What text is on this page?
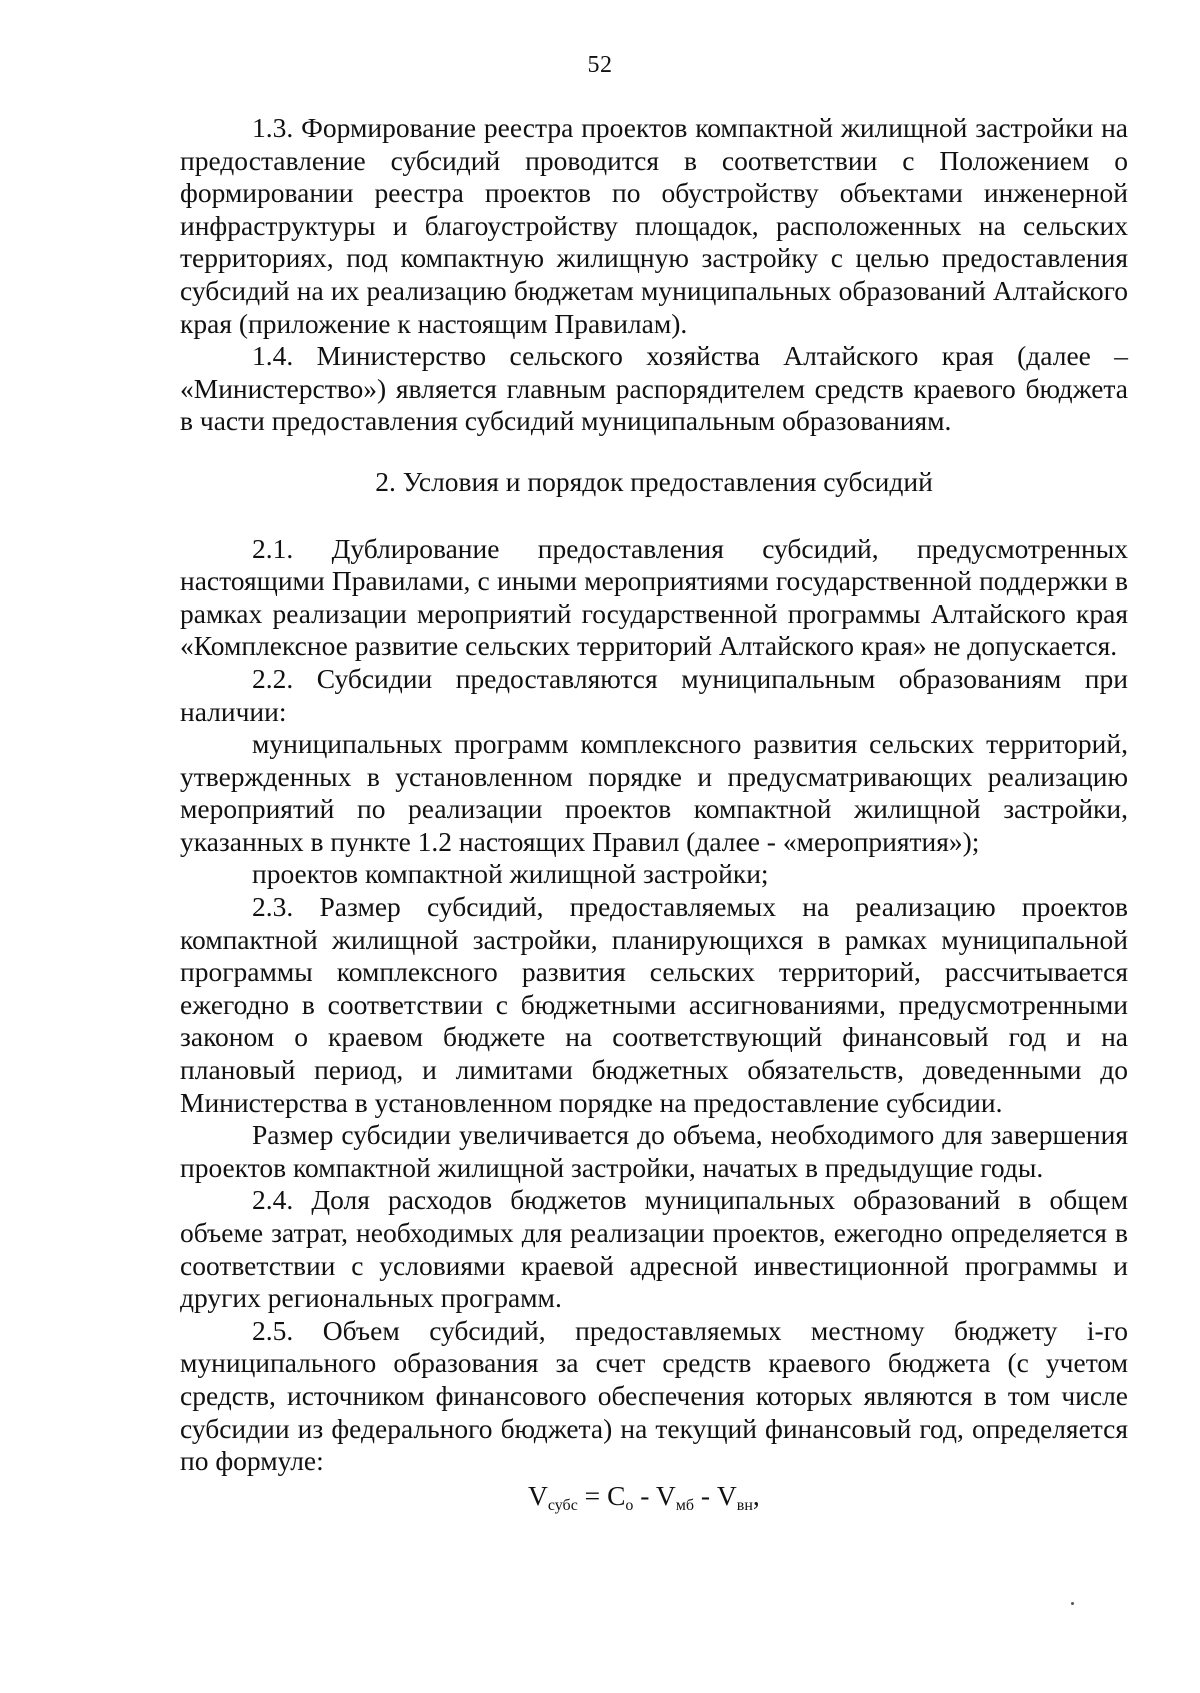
52

1.3. Формирование реестра проектов компактной жилищной застройки на предоставление субсидий проводится в соответствии с Положением о формировании реестра проектов по обустройству объектами инженерной инфраструктуры и благоустройству площадок, расположенных на сельских территориях, под компактную жилищную застройку с целью предоставления субсидий на их реализацию бюджетам муниципальных образований Алтайского края (приложение к настоящим Правилам).

1.4. Министерство сельского хозяйства Алтайского края (далее – «Министерство») является главным распорядителем средств краевого бюджета в части предоставления субсидий муниципальным образованиям.

2. Условия и порядок предоставления субсидий

2.1. Дублирование предоставления субсидий, предусмотренных настоящими Правилами, с иными мероприятиями государственной поддержки в рамках реализации мероприятий государственной программы Алтайского края «Комплексное развитие сельских территорий Алтайского края» не допускается.

2.2. Субсидии предоставляются муниципальным образованиям при наличии:

муниципальных программ комплексного развития сельских территорий, утвержденных в установленном порядке и предусматривающих реализацию мероприятий по реализации проектов компактной жилищной застройки, указанных в пункте 1.2 настоящих Правил (далее - «мероприятия»);

проектов компактной жилищной застройки;

2.3. Размер субсидий, предоставляемых на реализацию проектов компактной жилищной застройки, планирующихся в рамках муниципальной программы комплексного развития сельских территорий, рассчитывается ежегодно в соответствии с бюджетными ассигнованиями, предусмотренными законом о краевом бюджете на соответствующий финансовый год и на плановый период, и лимитами бюджетных обязательств, доведенными до Министерства в установленном порядке на предоставление субсидии.

Размер субсидии увеличивается до объема, необходимого для завершения проектов компактной жилищной застройки, начатых в предыдущие годы.

2.4. Доля расходов бюджетов муниципальных образований в общем объеме затрат, необходимых для реализации проектов, ежегодно определяется в соответствии с условиями краевой адресной инвестиционной программы и других региональных программ.

2.5. Объем субсидий, предоставляемых местному бюджету i-го муниципального образования за счет средств краевого бюджета (с учетом средств, источником финансового обеспечения которых являются в том числе субсидии из федерального бюджета) на текущий финансовый год, определяется по формуле:

$V_{субс} = C_o - V_{мб} - V_{вн}$,
